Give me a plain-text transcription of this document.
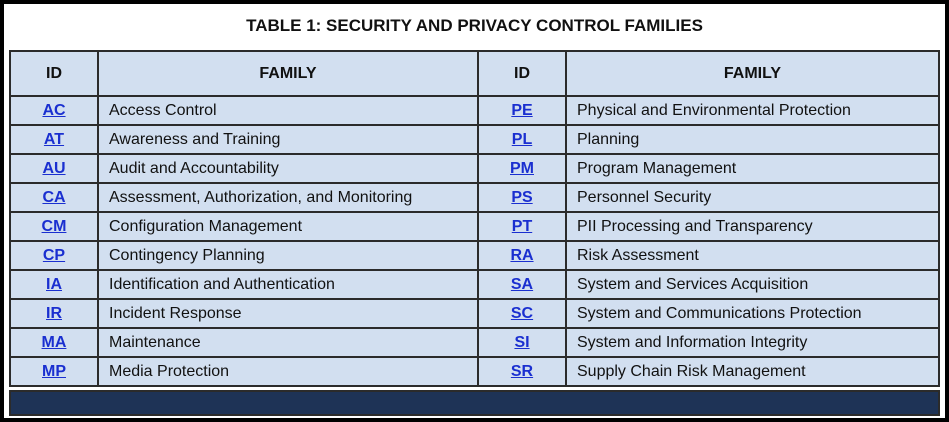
TABLE 1: SECURITY AND PRIVACY CONTROL FAMILIES
ID	FAMILY	ID	FAMILY
AC	Access Control	PE	Physical and Environmental Protection
AT	Awareness and Training	PL	Planning
AU	Audit and Accountability	PM	Program Management
CA	Assessment, Authorization, and Monitoring	PS	Personnel Security
CM	Configuration Management	PT	PII Processing and Transparency
CP	Contingency Planning	RA	Risk Assessment
IA	Identification and Authentication	SA	System and Services Acquisition
IR	Incident Response	SC	System and Communications Protection
MA	Maintenance	SI	System and Information Integrity
MP	Media Protection	SR	Supply Chain Risk Management
